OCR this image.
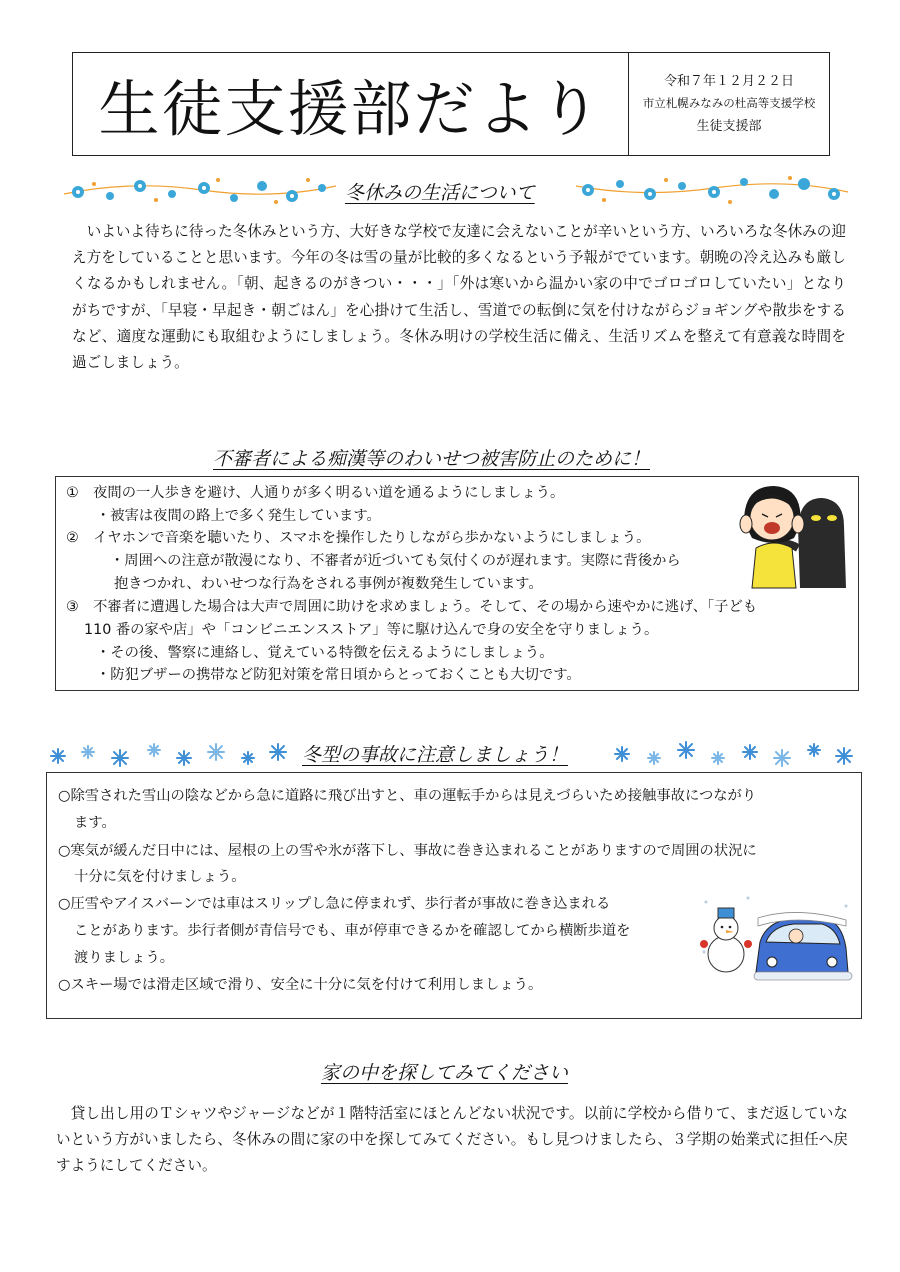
生徒支援部だより	令和７年１２月２２日
市立札幌みなみの杜高等支援学校
生徒支援部
冬休みの生活について

　いよいよ待ちに待った冬休みという方、大好きな学校で友達に会えないことが辛いという方、いろいろな冬休みの迎え方をしていることと思います。今年の冬は雪の量が比較的多くなるという予報がでています。朝晩の冷え込みも厳しくなるかもしれません。「朝、起きるのがきつい・・・」「外は寒いから温かい家の中でゴロゴロしていたい」となりがちですが、「早寝・早起き・朝ごはん」を心掛けて生活し、雪道での転倒に気を付けながらジョギングや散歩をするなど、適度な運動にも取組むようにしましょう。冬休み明けの学校生活に備え、生活リズムを整えて有意義な時間を過ごしましょう。

不審者による痴漢等のわいせつ被害防止のために！
①　夜間の一人歩きを避け、人通りが多く明るい道を通るようにしましょう。
・被害は夜間の路上で多く発生しています。
②　イヤホンで音楽を聴いたり、スマホを操作したりしながら歩かないようにしましょう。
・周囲への注意が散漫になり、不審者が近づいても気付くのが遅れます。実際に背後から
抱きつかれ、わいせつな行為をされる事例が複数発生しています。
③　不審者に遭遇した場合は大声で周囲に助けを求めましょう。そして、その場から速やかに逃げ、「子ども
110 番の家や店」や「コンビニエンスストア」等に駆け込んで身の安全を守りましょう。
・その後、警察に連絡し、覚えている特徴を伝えるようにしましょう。
・防犯ブザーの携帯など防犯対策を常日頃からとっておくことも大切です。
冬型の事故に注意しましょう！
○除雪された雪山の陰などから急に道路に飛び出すと、車の運転手からは見えづらいため接触事故につながり
ます。
○寒気が緩んだ日中には、屋根の上の雪や氷が落下し、事故に巻き込まれることがありますので周囲の状況に
十分に気を付けましょう。
○圧雪やアイスバーンでは車はスリップし急に停まれず、歩行者が事故に巻き込まれる
ことがあります。歩行者側が青信号でも、車が停車できるかを確認してから横断歩道を
渡りましょう。
○スキー場では滑走区域で滑り、安全に十分に気を付けて利用しましょう。
家の中を探してみてください

　貸し出し用のＴシャツやジャージなどが１階特活室にほとんどない状況です。以前に学校から借りて、まだ返していないという方がいましたら、冬休みの間に家の中を探してみてください。もし見つけましたら、３学期の始業式に担任へ戻すようにしてください。
